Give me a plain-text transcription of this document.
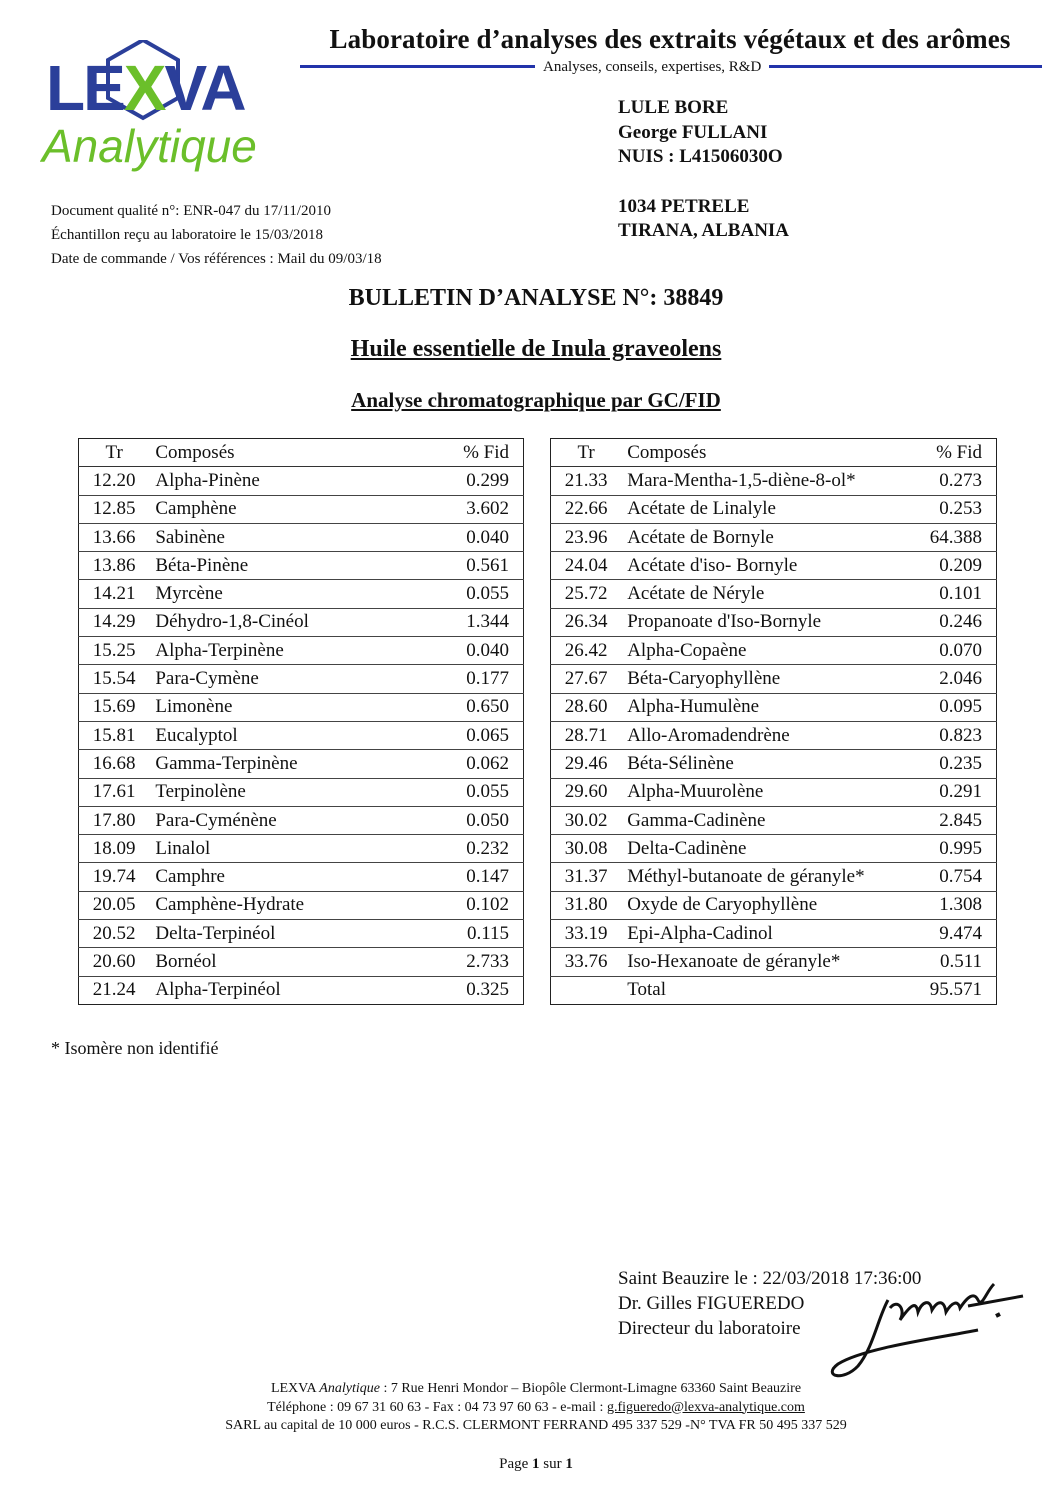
LEXVA
Analytique
Laboratoire d’analyses des extraits végétaux et des arômes
Analyses, conseils, expertises, R&D
LULE BORE
George FULLANI
NUIS : L41506030O
1034 PETRELE
TIRANA, ALBANIA
Document qualité n°: ENR-047 du 17/11/2010
Échantillon reçu au laboratoire le 15/03/2018
Date de commande / Vos références : Mail du 09/03/18
BULLETIN D’ANALYSE N°: 38849
Huile essentielle de Inula graveolens
Analyse chromatographique par GC/FID
Tr	Composés	% Fid
12.20	Alpha-Pinène	0.299
12.85	Camphène	3.602
13.66	Sabinène	0.040
13.86	Béta-Pinène	0.561
14.21	Myrcène	0.055
14.29	Déhydro-1,8-Cinéol	1.344
15.25	Alpha-Terpinène	0.040
15.54	Para-Cymène	0.177
15.69	Limonène	0.650
15.81	Eucalyptol	0.065
16.68	Gamma-Terpinène	0.062
17.61	Terpinolène	0.055
17.80	Para-Cyménène	0.050
18.09	Linalol	0.232
19.74	Camphre	0.147
20.05	Camphène-Hydrate	0.102
20.52	Delta-Terpinéol	0.115
20.60	Bornéol	2.733
21.24	Alpha-Terpinéol	0.325
Tr	Composés	% Fid
21.33	Mara-Mentha-1,5-diène-8-ol*	0.273
22.66	Acétate de Linalyle	0.253
23.96	Acétate de Bornyle	64.388
24.04	Acétate d'iso- Bornyle	0.209
25.72	Acétate de Néryle	0.101
26.34	Propanoate d'Iso-Bornyle	0.246
26.42	Alpha-Copaène	0.070
27.67	Béta-Caryophyllène	2.046
28.60	Alpha-Humulène	0.095
28.71	Allo-Aromadendrène	0.823
29.46	Béta-Sélinène	0.235
29.60	Alpha-Muurolène	0.291
30.02	Gamma-Cadinène	2.845
30.08	Delta-Cadinène	0.995
31.37	Méthyl-butanoate de géranyle*	0.754
31.80	Oxyde de Caryophyllène	1.308
33.19	Epi-Alpha-Cadinol	9.474
33.76	Iso-Hexanoate de géranyle*	0.511
	Total	95.571
* Isomère non identifié
Saint Beauzire le : 22/03/2018 17:36:00
Dr. Gilles FIGUEREDO
Directeur du laboratoire
LEXVA Analytique : 7 Rue Henri Mondor – Biopôle Clermont-Limagne 63360 Saint Beauzire
Téléphone : 09 67 31 60 63 - Fax : 04 73 97 60 63 - e-mail : g.figueredo@lexva-analytique.com
SARL au capital de 10 000 euros - R.C.S. CLERMONT FERRAND 495 337 529 -N° TVA FR 50 495 337 529
Page 1 sur 1
